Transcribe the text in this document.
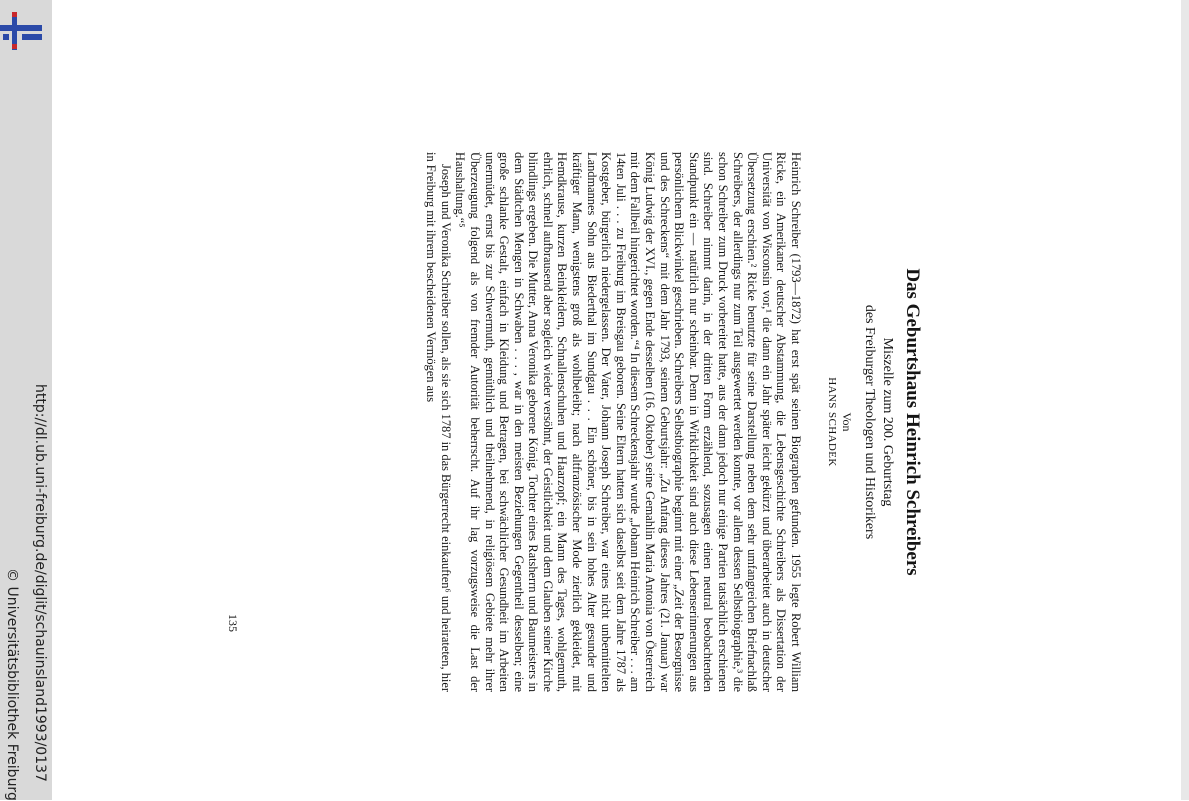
http://dl.ub.uni-freiburg.de/diglit/schauinsland1993/0137
© Universitätsbibliothek Freiburg
Das Geburtshaus Heinrich Schreibers

Miszelle zum 200. Geburtstag
des Freiburger Theologen und Historikers

Von

HANS SCHADEK

Heinrich Schreiber (1793—1872) hat erst spät seinen Biographen gefunden. 1955 legte Robert William Ricke, ein Amerikaner deutscher Abstammung, die Lebensgeschichte Schreibers als Dissertation der Universität von Wisconsin vor,¹ die dann ein Jahr später leicht gekürzt und überarbeitet auch in deutscher Übersetzung erschien.² Ricke benutzte für seine Darstellung neben dem sehr umfangreichen Briefnachlaß Schreibers, der allerdings nur zum Teil ausgewertet werden konnte, vor allem dessen Selbstbiographie,³ die schon Schreiber zum Druck vorbereitet hatte, aus der dann jedoch nur einige Partien tatsächlich erschienen sind. Schreiber nimmt darin, in der dritten Form erzählend, sozusagen einen neutral beobachtenden Standpunkt ein — natürlich nur scheinbar. Denn in Wirklichkeit sind auch diese Lebenserinnerungen aus persönlichem Blickwinkel geschrieben. Schreibers Selbstbiographie beginnt mit einer „Zeit der Besorgnisse und des Schreckens“ mit dem Jahr 1793, seinem Geburtsjahr: „Zu Anfang dieses Jahres (21. Januar) war König Ludwig der XVI., gegen Ende desselben (16. Oktober) seine Gemahlin Maria Antonia von Österreich mit dem Fallbeil hingerichtet worden.“⁴ In diesem Schreckensjahr wurde „Johann Heinrich Schreiber . . . am 14ten Juli . . . zu Freiburg im Breisgau geboren. Seine Eltern hatten sich daselbst seit dem Jahre 1787 als Kostgeber, bürgerlich niedergelassen. Der Vater, Johann Joseph Schreiber, war eines nicht unbemittelten Landmannes Sohn aus Biederthal im Sundgau . . . Ein schöner, bis in sein hohes Alter gesunder und kräftiger Mann, wenigstens groß als wohlbeleibt; nach altfranzösischer Mode zierlich gekleidet, mit Hemdkrause, kurzen Beinkleidern, Schnallenschuhen und Haarzopf; ein Mann des Tages, wohlgemuth, ehrlich, schnell aufbrausend aber sogleich wieder versöhnt, der Geistlichkeit und dem Glauben seiner Kirche blindlings ergeben. Die Mutter, Anna Veronika geborene König, Tochter eines Ratsherrn und Baumeisters in dem Städtchen Mengen in Schwaben . . . , war in den meisten Beziehungen Gegentheil desselben; eine große schlanke Gestalt, einfach in Kleidung und Betragen, bei schwächlicher Gesundheit im Arbeiten unermüdet, ernst bis zur Schwermuth, gemüthlich und theilnehmend, in religiösem Gebiete mehr ihrer Überzeugung folgend als von fremder Autorität beherrscht. Auf ihr lag vorzugsweise die Last der Haushaltung.“⁵

Joseph und Veronika Schreiber sollen, als sie sich 1787 in das Bürgerrecht einkauften⁶ und heirateten, hier in Freiburg mit ihrem bescheidenen Vermögen aus

135
